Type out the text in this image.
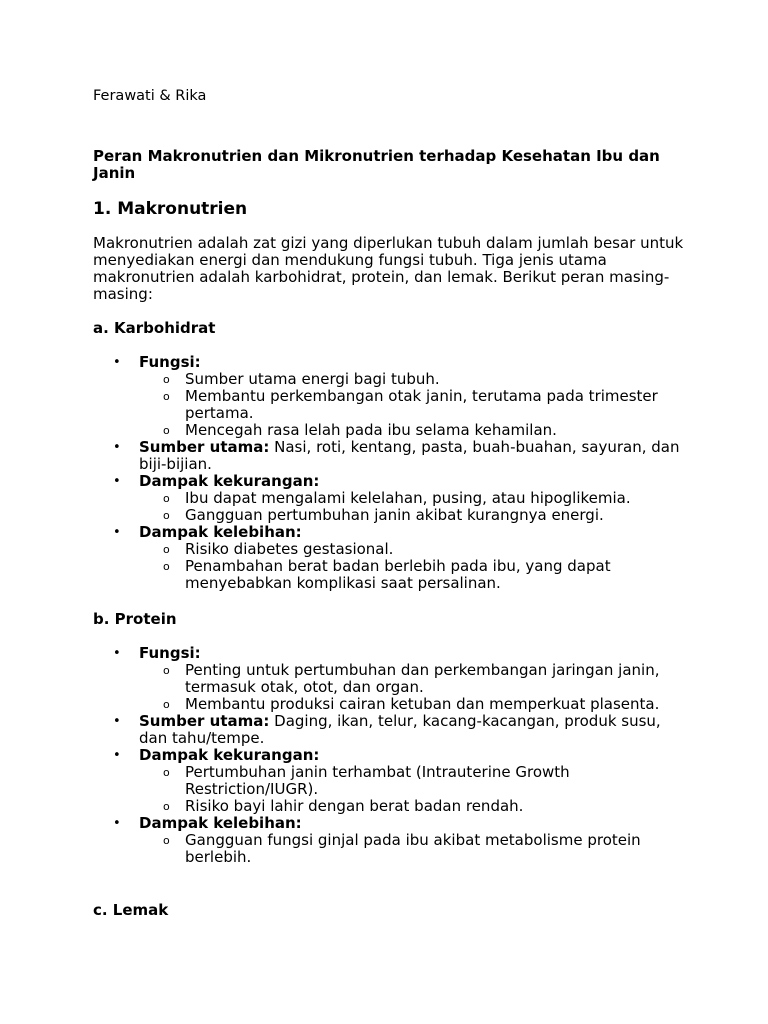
Ferawati & Rika

Peran Makronutrien dan Mikronutrien terhadap Kesehatan Ibu dan Janin

1. Makronutrien

Makronutrien adalah zat gizi yang diperlukan tubuh dalam jumlah besar untuk menyediakan energi dan mendukung fungsi tubuh. Tiga jenis utama makronutrien adalah karbohidrat, protein, dan lemak. Berikut peran masing-masing:

a. Karbohidrat
• Fungsi:
o Sumber utama energi bagi tubuh.
o Membantu perkembangan otak janin, terutama pada trimester pertama.
o Mencegah rasa lelah pada ibu selama kehamilan.
• Sumber utama: Nasi, roti, kentang, pasta, buah-buahan, sayuran, dan biji-bijian.
• Dampak kekurangan:
o Ibu dapat mengalami kelelahan, pusing, atau hipoglikemia.
o Gangguan pertumbuhan janin akibat kurangnya energi.
• Dampak kelebihan:
o Risiko diabetes gestasional.
o Penambahan berat badan berlebih pada ibu, yang dapat menyebabkan komplikasi saat persalinan.
b. Protein
• Fungsi:
o Penting untuk pertumbuhan dan perkembangan jaringan janin, termasuk otak, otot, dan organ.
o Membantu produksi cairan ketuban dan memperkuat plasenta.
• Sumber utama: Daging, ikan, telur, kacang-kacangan, produk susu, dan tahu/tempe.
• Dampak kekurangan:
o Pertumbuhan janin terhambat (Intrauterine Growth Restriction/IUGR).
o Risiko bayi lahir dengan berat badan rendah.
• Dampak kelebihan:
o Gangguan fungsi ginjal pada ibu akibat metabolisme protein berlebih.
c. Lemak
